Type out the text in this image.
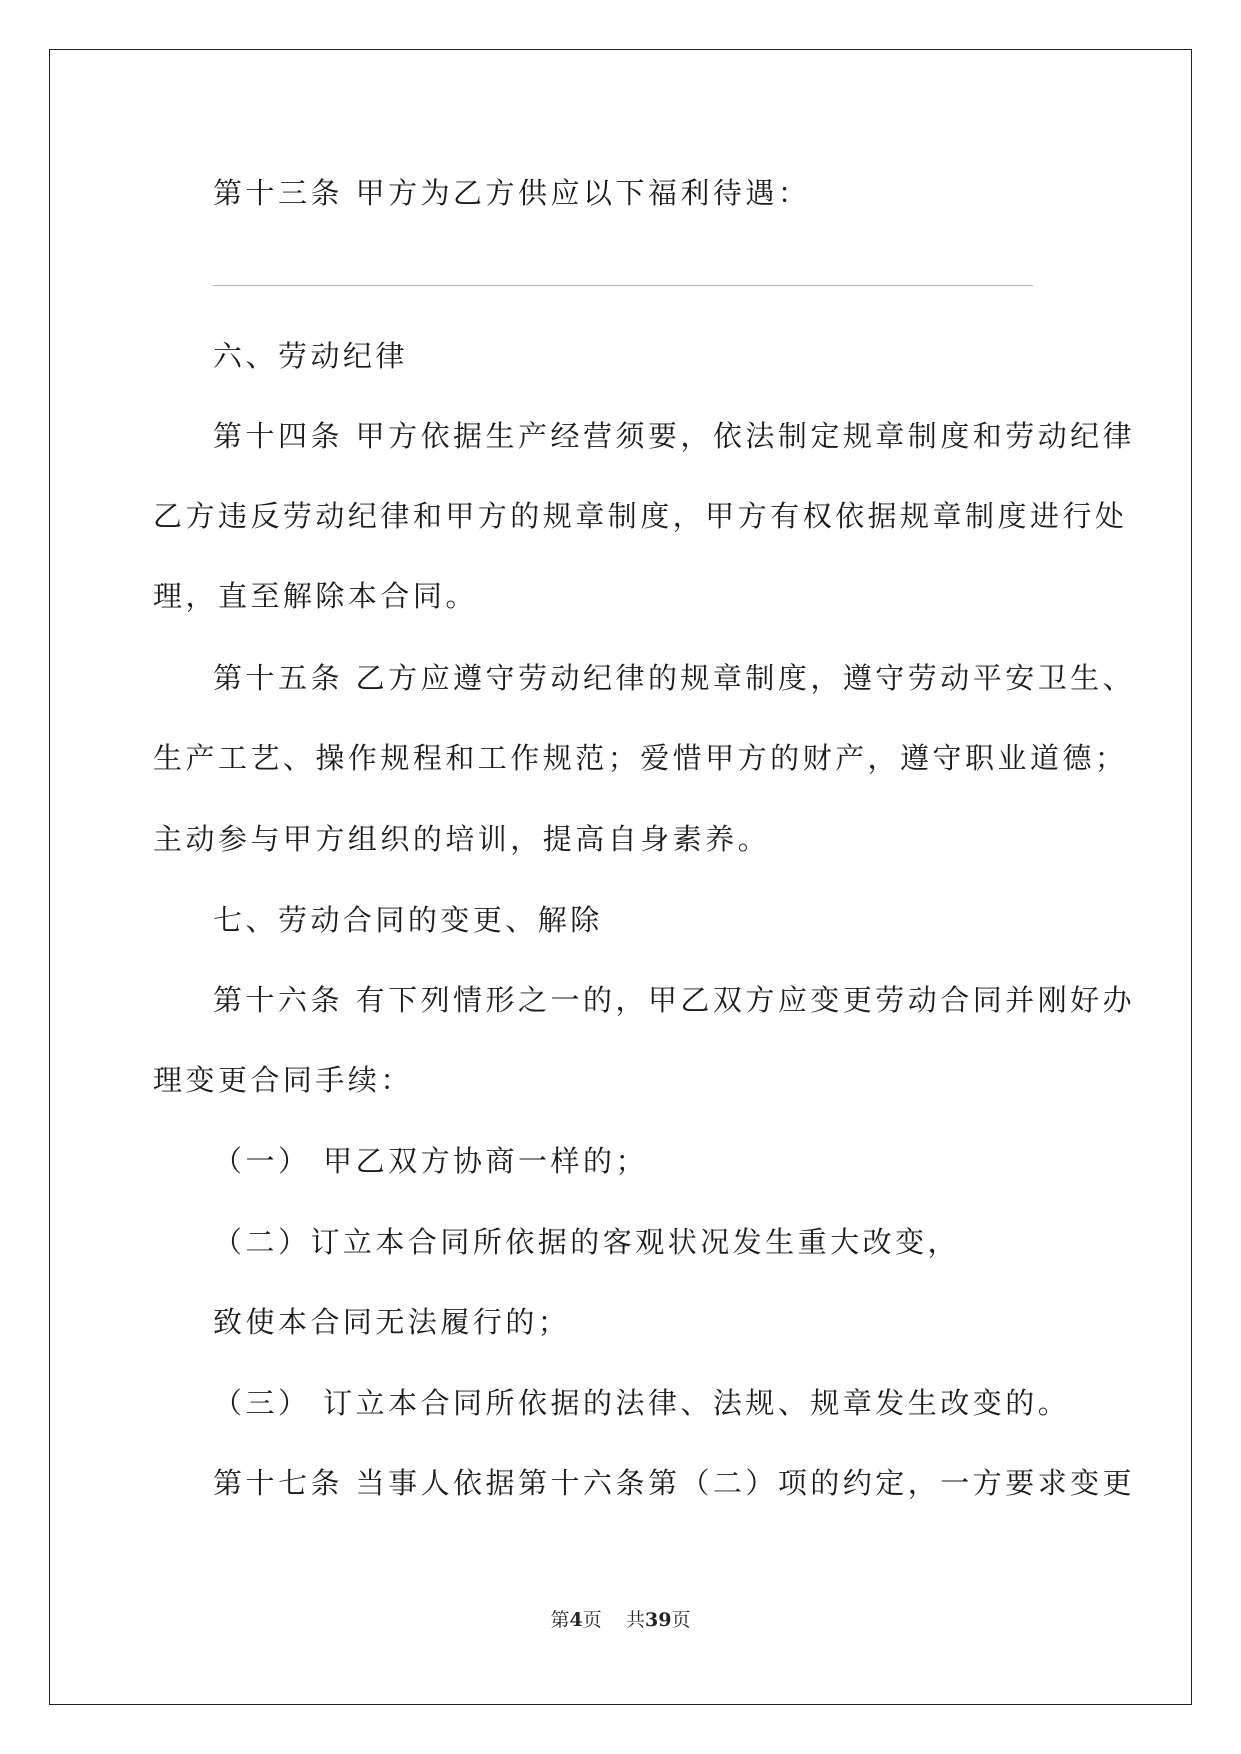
第十三条 甲方为乙方供应以下福利待遇：
六、劳动纪律
第十四条 甲方依据生产经营须要，依法制定规章制度和劳动纪律
乙方违反劳动纪律和甲方的规章制度，甲方有权依据规章制度进行处
理，直至解除本合同。
第十五条 乙方应遵守劳动纪律的规章制度，遵守劳动平安卫生、
生产工艺、操作规程和工作规范；爱惜甲方的财产，遵守职业道德；
主动参与甲方组织的培训，提高自身素养。
七、劳动合同的变更、解除
第十六条 有下列情形之一的，甲乙双方应变更劳动合同并刚好办
理变更合同手续：
（一） 甲乙双方协商一样的；
（二）订立本合同所依据的客观状况发生重大改变，
致使本合同无法履行的；
（三） 订立本合同所依据的法律、法规、规章发生改变的。
第十七条 当事人依据第十六条第（二）项的约定，一方要求变更
第4页 共39页
